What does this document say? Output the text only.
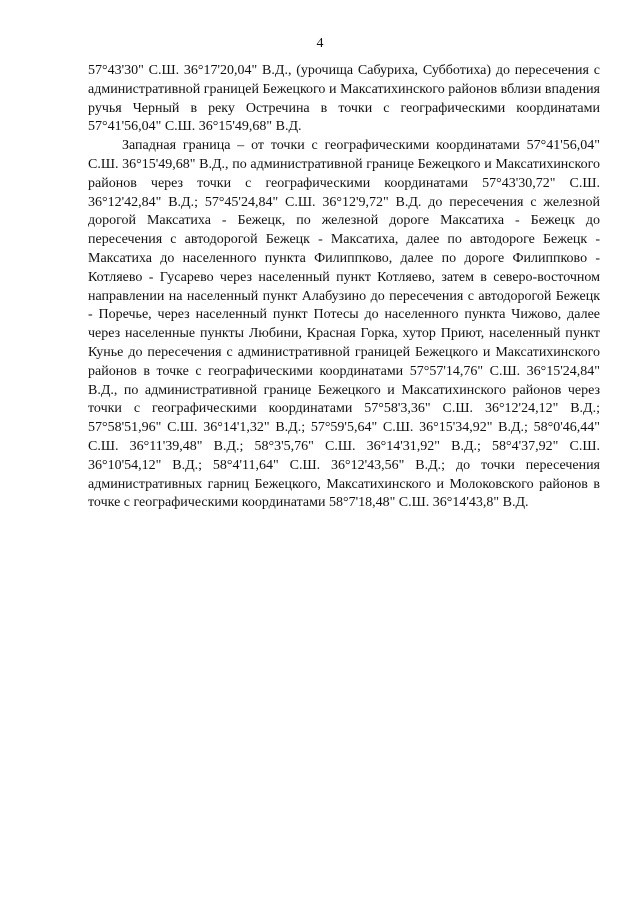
4

57°43'30" С.Ш. 36°17'20,04" В.Д., (урочища Сабуриха, Субботиха) до пересечения с административной границей Бежецкого и Максатихинского районов вблизи впадения ручья Черный в реку Остречина в точки с географическими координатами 57°41'56,04" С.Ш. 36°15'49,68" В.Д.

Западная граница – от точки с географическими координатами 57°41'56,04" С.Ш. 36°15'49,68" В.Д., по административной границе Бежецкого и Максатихинского районов через точки с географическими координатами 57°43'30,72" С.Ш. 36°12'42,84" В.Д.; 57°45'24,84" С.Ш. 36°12'9,72" В.Д. до пересечения с железной дорогой Максатиха - Бежецк, по железной дороге Максатиха - Бежецк до пересечения с автодорогой Бежецк - Максатиха, далее по автодороге Бежецк - Максатиха до населенного пункта Филиппково, далее по дороге Филиппково - Котляево - Гусарево через населенный пункт Котляево, затем в северо-восточном направлении на населенный пункт Алабузино до пересечения с автодорогой Бежецк - Поречье, через населенный пункт Потесы до населенного пункта Чижово, далее через населенные пункты Любини, Красная Горка, хутор Приют, населенный пункт Кунье до пересечения с административной границей Бежецкого и Максатихинского районов в точке с географическими координатами 57°57'14,76" С.Ш. 36°15'24,84" В.Д., по административной границе Бежецкого и Максатихинского районов через точки с географическими координатами 57°58'3,36" С.Ш. 36°12'24,12" В.Д.; 57°58'51,96" С.Ш. 36°14'1,32" В.Д.; 57°59'5,64" С.Ш. 36°15'34,92" В.Д.; 58°0'46,44" С.Ш. 36°11'39,48" В.Д.; 58°3'5,76" С.Ш. 36°14'31,92" В.Д.; 58°4'37,92" С.Ш. 36°10'54,12" В.Д.; 58°4'11,64" С.Ш. 36°12'43,56" В.Д.; до точки пересечения административных гарниц Бежецкого, Максатихинского и Молоковского районов в точке с географическими координатами 58°7'18,48" С.Ш. 36°14'43,8" В.Д.
